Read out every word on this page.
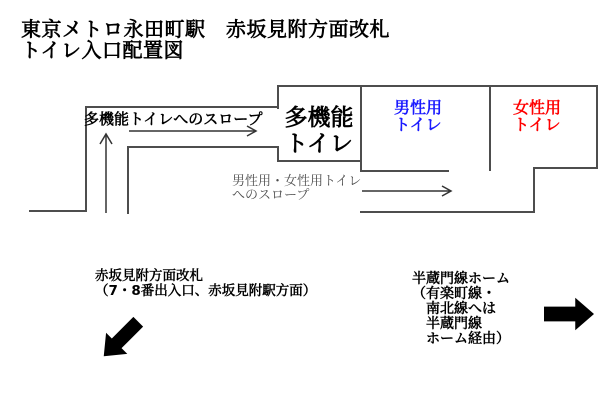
東京メトロ永田町駅　赤坂見附方面改札
トイレ入口配置図
多機能トイレへのスロープ 多機能
トイレ
男性用
トイレ
女性用
トイレ
男性用・女性用トイレ
へのスロープ
赤坂見附方面改札
（7・8番出入口、赤坂見附駅方面）
半蔵門線ホーム
（有楽町線・
　南北線へは
　半蔵門線
　ホーム経由）
